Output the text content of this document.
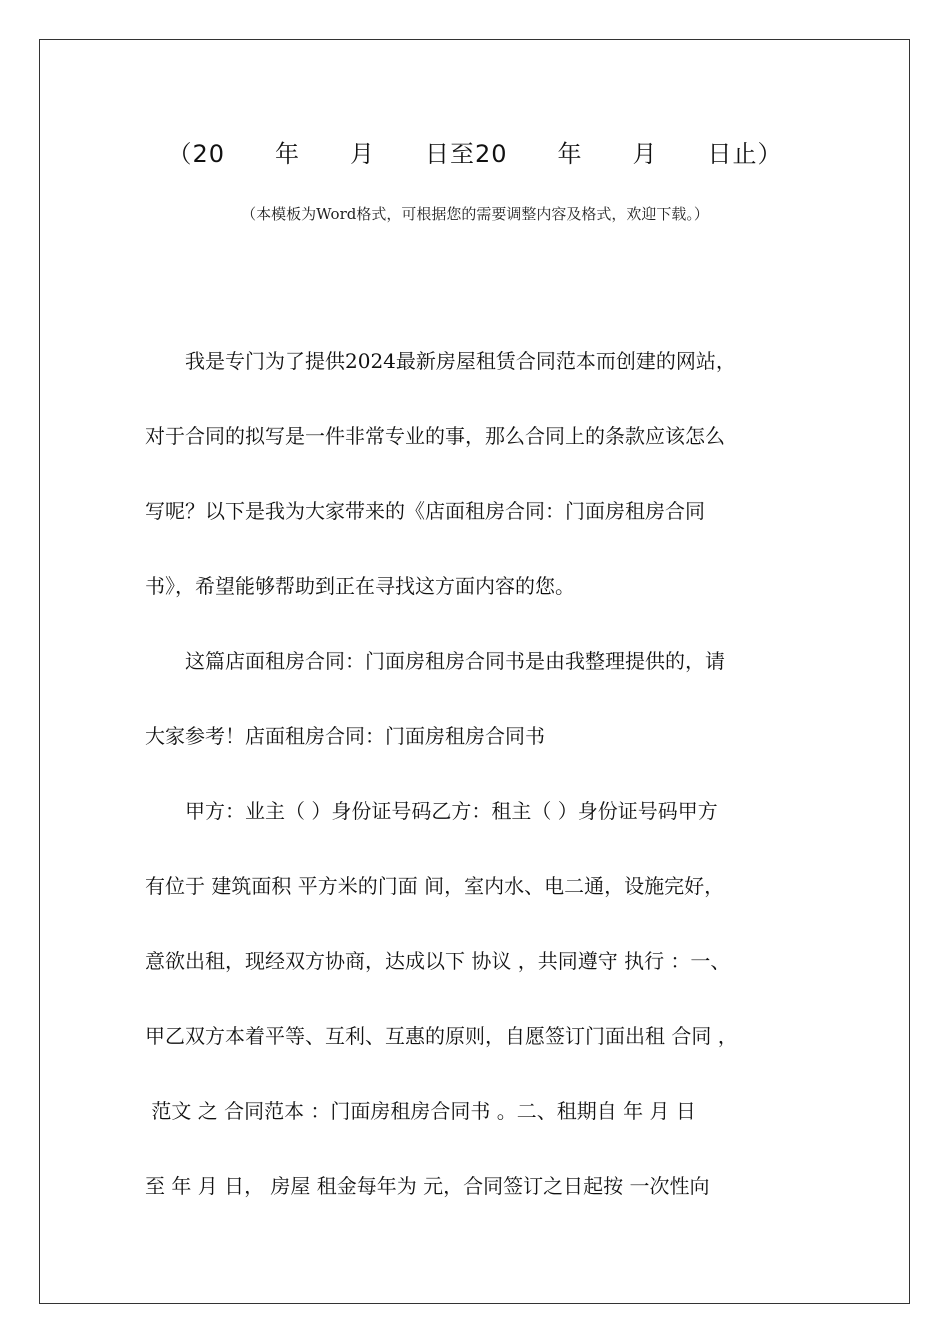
（20　　年　　月　　日至20　　年　　月　　日止）
（本模板为Word格式，可根据您的需要调整内容及格式，欢迎下载。）
　　我是专门为了提供2024最新房屋租赁合同范本而创建的网站，
对于合同的拟写是一件非常专业的事，那么合同上的条款应该怎么
写呢？以下是我为大家带来的《店面租房合同：门面房租房合同
书》，希望能够帮助到正在寻找这方面内容的您。
　　这篇店面租房合同：门面房租房合同书是由我整理提供的，请
大家参考！店面租房合同：门面房租房合同书
　　甲方：业主（ ）身份证号码乙方：租主（ ）身份证号码甲方
有位于 建筑面积 平方米的门面 间，室内水、电二通，设施完好，
意欲出租，现经双方协商，达成以下 协议 ，共同遵守 执行 ：一、
甲乙双方本着平等、互利、互惠的原则，自愿签订门面出租 合同 ，
范文 之 合同范本 ：门面房租房合同书 。二、租期自 年 月 日
至 年 月 日， 房屋 租金每年为 元，合同签订之日起按 一次性向
